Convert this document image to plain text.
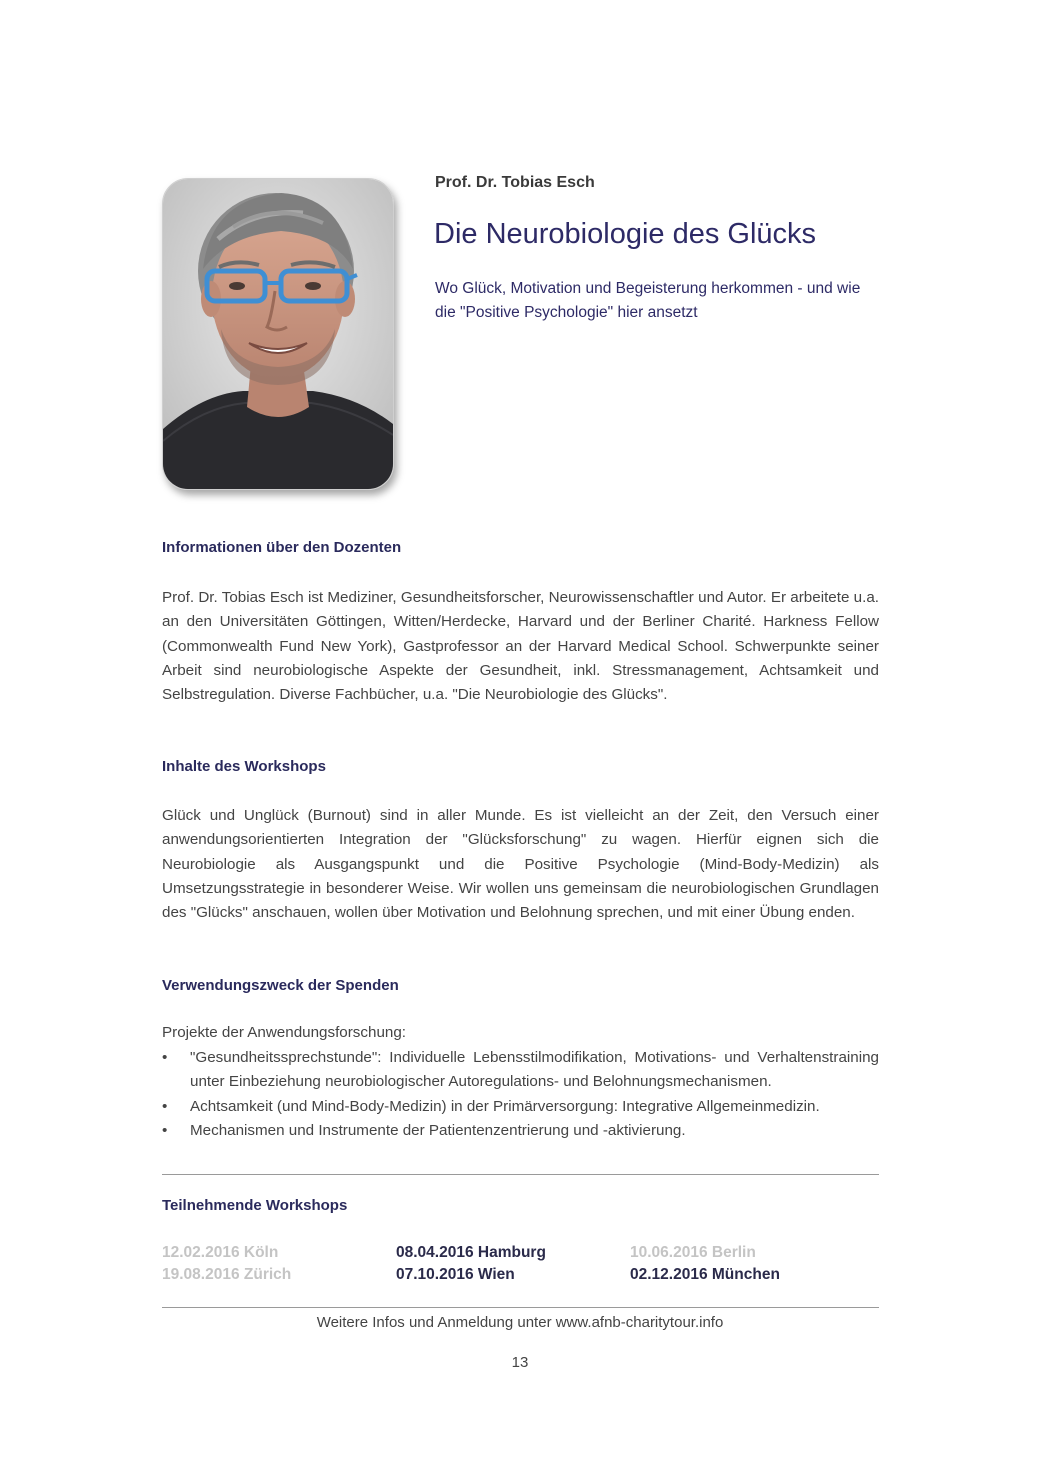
Prof. Dr. Tobias Esch
Die Neurobiologie des Glücks
Wo Glück, Motivation und Begeisterung herkommen - und wie die "Positive Psychologie" hier ansetzt
Informationen über den Dozenten

Prof. Dr. Tobias Esch ist Mediziner, Gesundheitsforscher, Neurowissenschaftler und Autor. Er arbeitete u.a. an den Universitäten Göttingen, Witten/Herdecke, Harvard und der Berliner Charité. Harkness Fellow (Commonwealth Fund New York), Gastprofessor an der Harvard Medical School. Schwerpunkte seiner Arbeit sind neurobiologische Aspekte der Gesundheit, inkl. Stressmanagement, Achtsamkeit und Selbstregulation. Diverse Fachbücher, u.a. "Die Neurobiologie des Glücks".

Inhalte des Workshops

Glück und Unglück (Burnout) sind in aller Munde. Es ist vielleicht an der Zeit, den Versuch einer anwendungsorientierten Integration der "Glücksforschung" zu wagen. Hierfür eignen sich die Neurobiologie als Ausgangspunkt und die Positive Psychologie (Mind-Body-Medizin) als Umsetzungsstrategie in besonderer Weise. Wir wollen uns gemeinsam die neurobiologischen Grundlagen des "Glücks" anschauen, wollen über Motivation und Belohnung sprechen, und mit einer Übung enden.

Verwendungszweck der Spenden
Projekte der Anwendungsforschung:
• "Gesundheitssprechstunde": Individuelle Lebensstilmodifikation, Motivations- und Verhaltenstraining unter Einbeziehung neurobiologischer Autoregulations- und Belohnungsmechanismen.
• Achtsamkeit (und Mind-Body-Medizin) in der Primärversorgung: Integrative Allgemeinmedizin.
• Mechanismen und Instrumente der Patientenzentrierung und -aktivierung.
Teilnehmende Workshops
12.02.2016 Köln	08.04.2016 Hamburg	10.06.2016 Berlin
19.08.2016 Zürich	07.10.2016 Wien	02.12.2016 München
Weitere Infos und Anmeldung unter www.afnb-charitytour.info
13
